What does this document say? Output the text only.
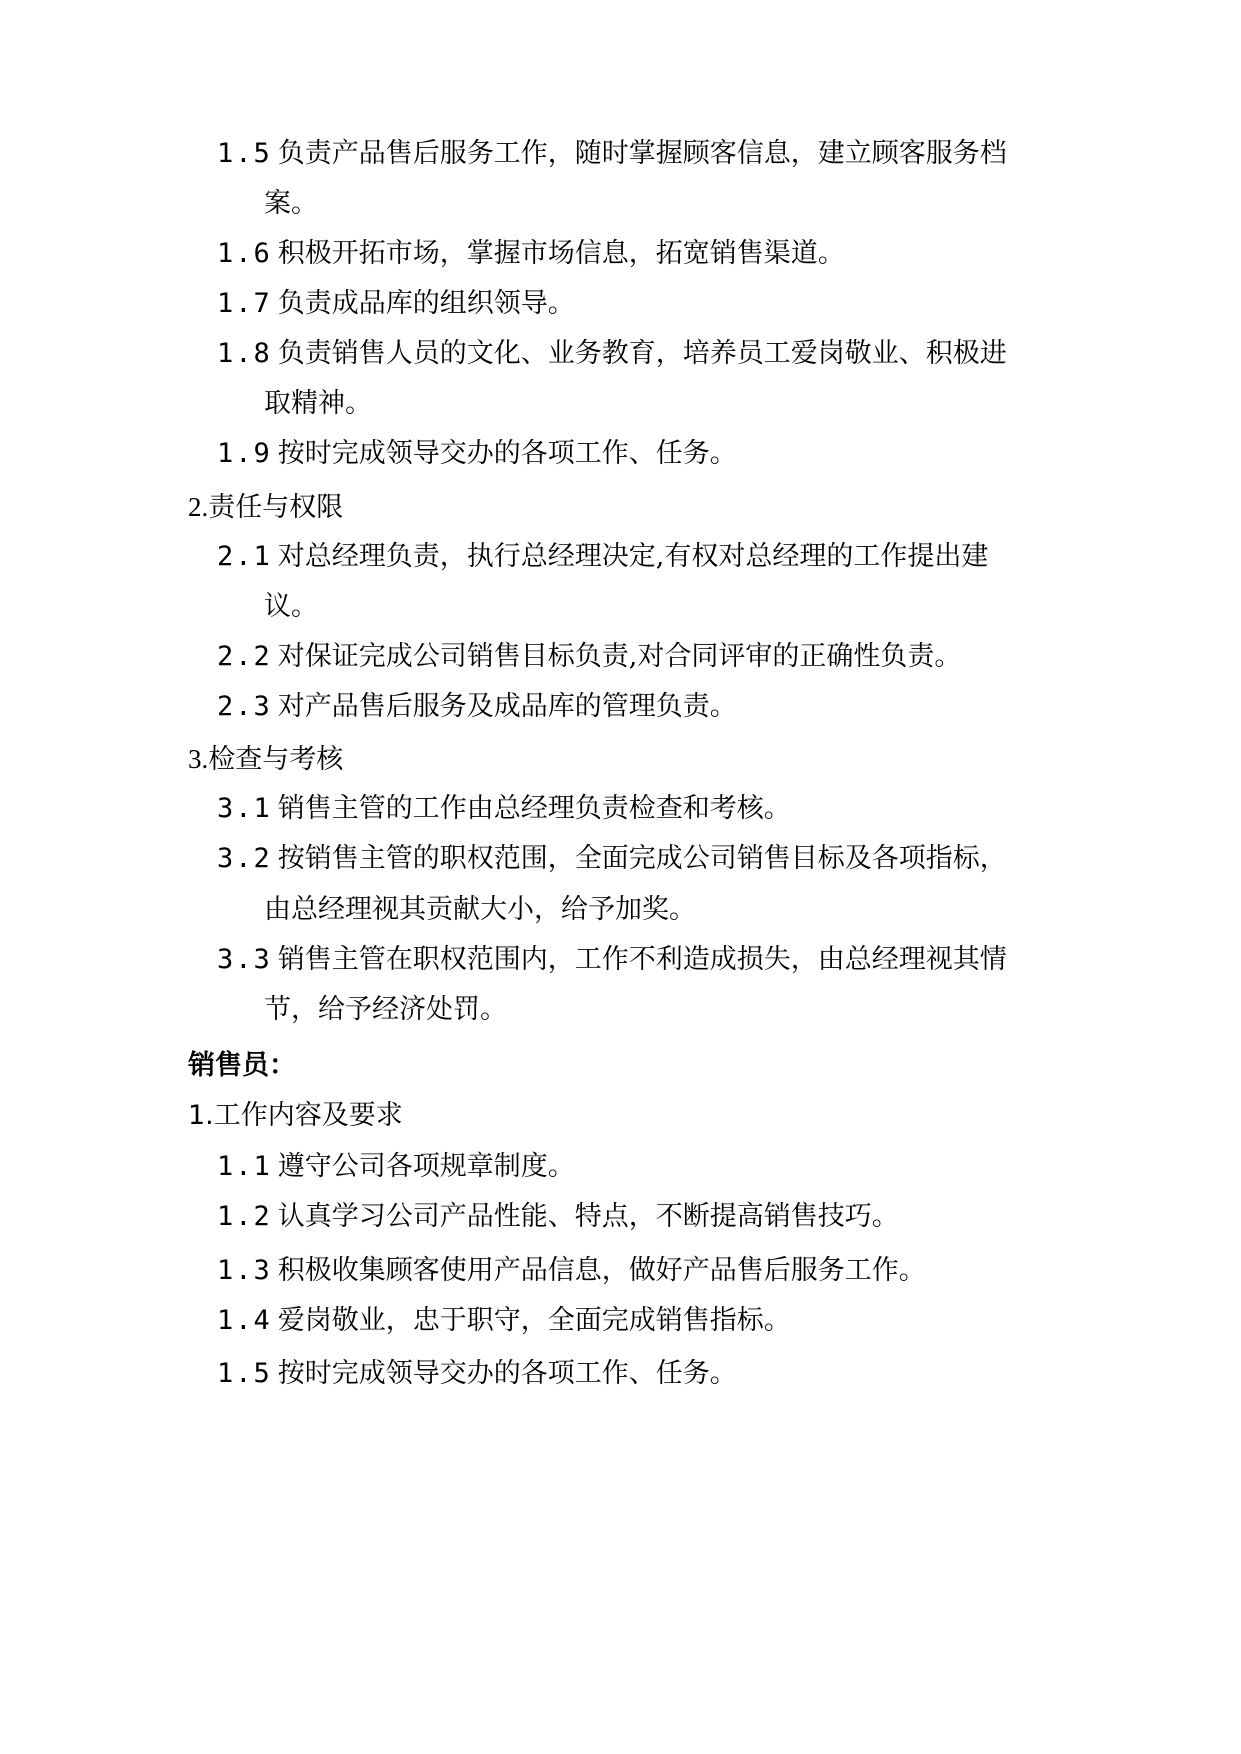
1.5 负责产品售后服务工作，随时掌握顾客信息，建立顾客服务档
案。
1.6 积极开拓市场，掌握市场信息，拓宽销售渠道。
1.7 负责成品库的组织领导。
1.8 负责销售人员的文化、业务教育，培养员工爱岗敬业、积极进
取精神。
1.9 按时完成领导交办的各项工作、任务。
2.责任与权限
2.1 对总经理负责，执行总经理决定,有权对总经理的工作提出建
议。
2.2 对保证完成公司销售目标负责,对合同评审的正确性负责。
2.3 对产品售后服务及成品库的管理负责。
3.检查与考核
3.1 销售主管的工作由总经理负责检查和考核。
3.2 按销售主管的职权范围，全面完成公司销售目标及各项指标，
由总经理视其贡献大小，给予加奖。
3.3 销售主管在职权范围内，工作不利造成损失，由总经理视其情
节，给予经济处罚。
销售员：
1.工作内容及要求
1.1 遵守公司各项规章制度。
1.2 认真学习公司产品性能、特点，不断提高销售技巧。
1.3 积极收集顾客使用产品信息，做好产品售后服务工作。
1.4 爱岗敬业，忠于职守，全面完成销售指标。
1.5 按时完成领导交办的各项工作、任务。
